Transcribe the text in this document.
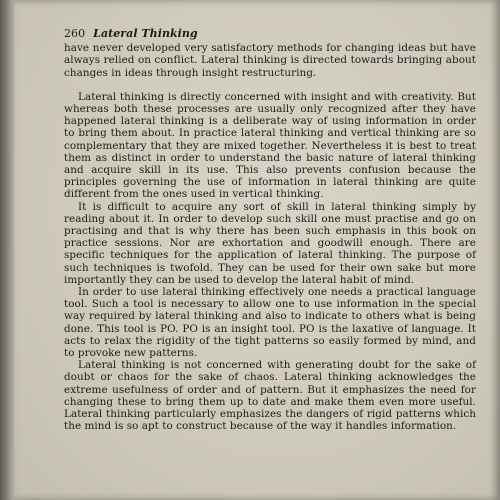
260 Lateral Thinking

have never developed very satisfactory methods for changing ideas but have always relied on conflict. Lateral thinking is directed towards bringing about changes in ideas through insight restructuring.

Lateral thinking is directly concerned with insight and with creativity. But whereas both these processes are usually only recognized after they have happened lateral thinking is a deliberate way of using information in order to bring them about. In practice lateral thinking and vertical thinking are so complementary that they are mixed together. Nevertheless it is best to treat them as distinct in order to understand the basic nature of lateral thinking and acquire skill in its use. This also prevents confusion because the principles governing the use of information in lateral thinking are quite different from the ones used in vertical thinking.

It is difficult to acquire any sort of skill in lateral thinking simply by reading about it. In order to develop such skill one must practise and go on practising and that is why there has been such emphasis in this book on practice sessions. Nor are exhortation and goodwill enough. There are specific techniques for the application of lateral thinking. The purpose of such techniques is twofold. They can be used for their own sake but more importantly they can be used to develop the lateral habit of mind.

In order to use lateral thinking effectively one needs a practical language tool. Such a tool is necessary to allow one to use information in the special way required by lateral thinking and also to indicate to others what is being done. This tool is PO. PO is an insight tool. PO is the laxative of language. It acts to relax the rigidity of the tight patterns so easily formed by mind, and to provoke new patterns.

Lateral thinking is not concerned with generating doubt for the sake of doubt or chaos for the sake of chaos. Lateral thinking acknowledges the extreme usefulness of order and of pattern. But it emphasizes the need for changing these to bring them up to date and make them even more useful. Lateral thinking particularly emphasizes the dangers of rigid patterns which the mind is so apt to construct because of the way it handles information.
